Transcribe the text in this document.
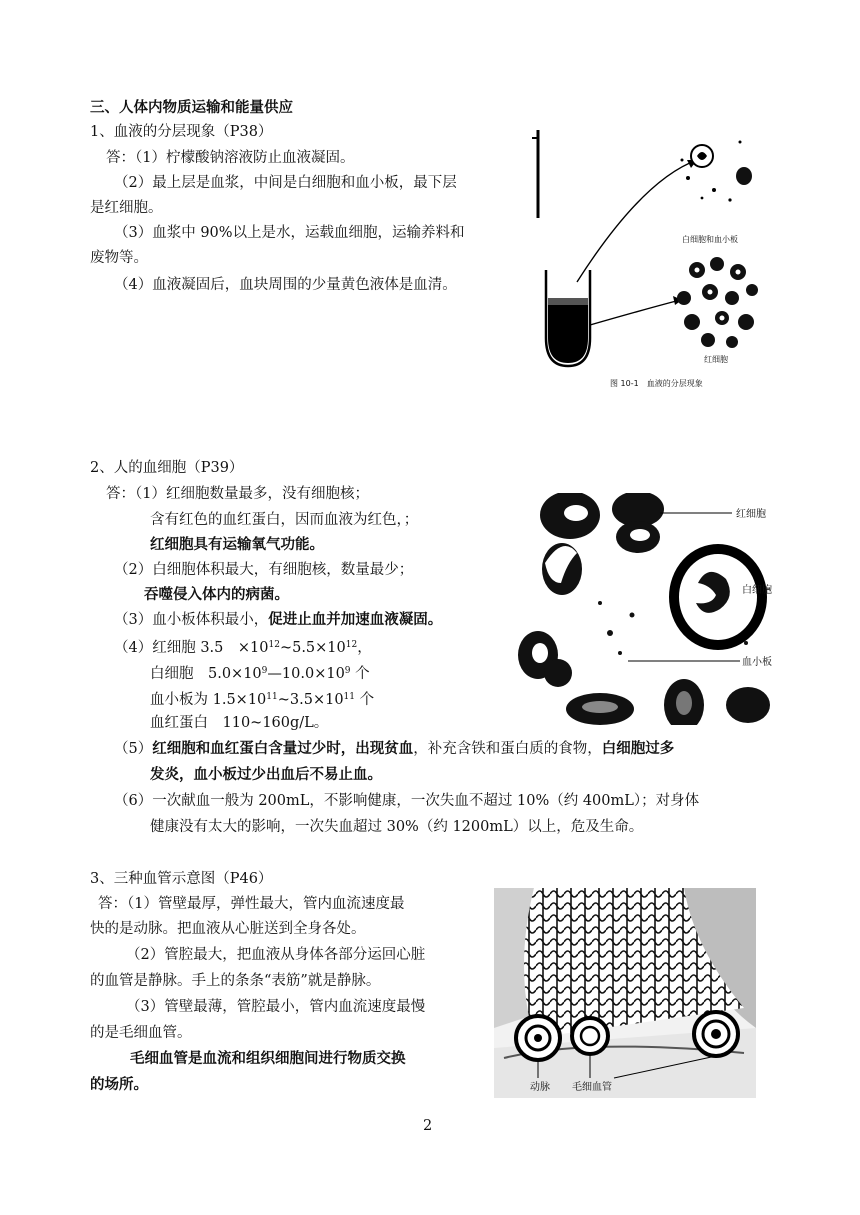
三、人体内物质运输和能量供应
1、血液的分层现象（P38）
答：（1）柠檬酸钠溶液防止血液凝固。
（2）最上层是血浆，中间是白细胞和血小板，最下层
是红细胞。
（3）血浆中 90%以上是水，运载血细胞，运输养料和
废物等。
（4）血液凝固后，血块周围的少量黄色液体是血清。
白细胞和血小板
红细胞
图 10-1　血液的分层现象
2、人的血细胞（P39）
答：（1）红细胞数量最多，没有细胞核；
含有红色的血红蛋白，因而血液为红色，；
红细胞具有运输氧气功能。
（2）白细胞体积最大，有细胞核，数量最少；
吞噬侵入体内的病菌。
（3）血小板体积最小，促进止血并加速血液凝固。
（4）红细胞 3.5　$\times 10^{12}\sim 5.5\times 10^{12}$，
白细胞　$5.0\times 10^9—10.0\times 10^9$ 个
血小板为 $1.5\times 10^{11}\sim 3.5\times 10^{11}$ 个
血红蛋白　110~160g/L。
（5）红细胞和血红蛋白含量过少时，出现贫血，补充含铁和蛋白质的食物，白细胞过多
发炎，血小板过少出血后不易止血。
（6）一次献血一般为 200mL，不影响健康，一次失血不超过 10%（约 400mL）；对身体
健康没有太大的影响，一次失血超过 30%（约 1200mL）以上，危及生命。
红细胞
白细胞
血小板
3、三种血管示意图（P46）
答：（1）管壁最厚，弹性最大，管内血流速度最
快的是动脉。把血液从心脏送到全身各处。
（2）管腔最大，把血液从身体各部分运回心脏
的血管是静脉。手上的条条“表筋”就是静脉。
（3）管壁最薄，管腔最小，管内血流速度最慢
的是毛细血管。
毛细血管是血流和组织细胞间进行物质交换
的场所。	动脉 毛细血管
2
